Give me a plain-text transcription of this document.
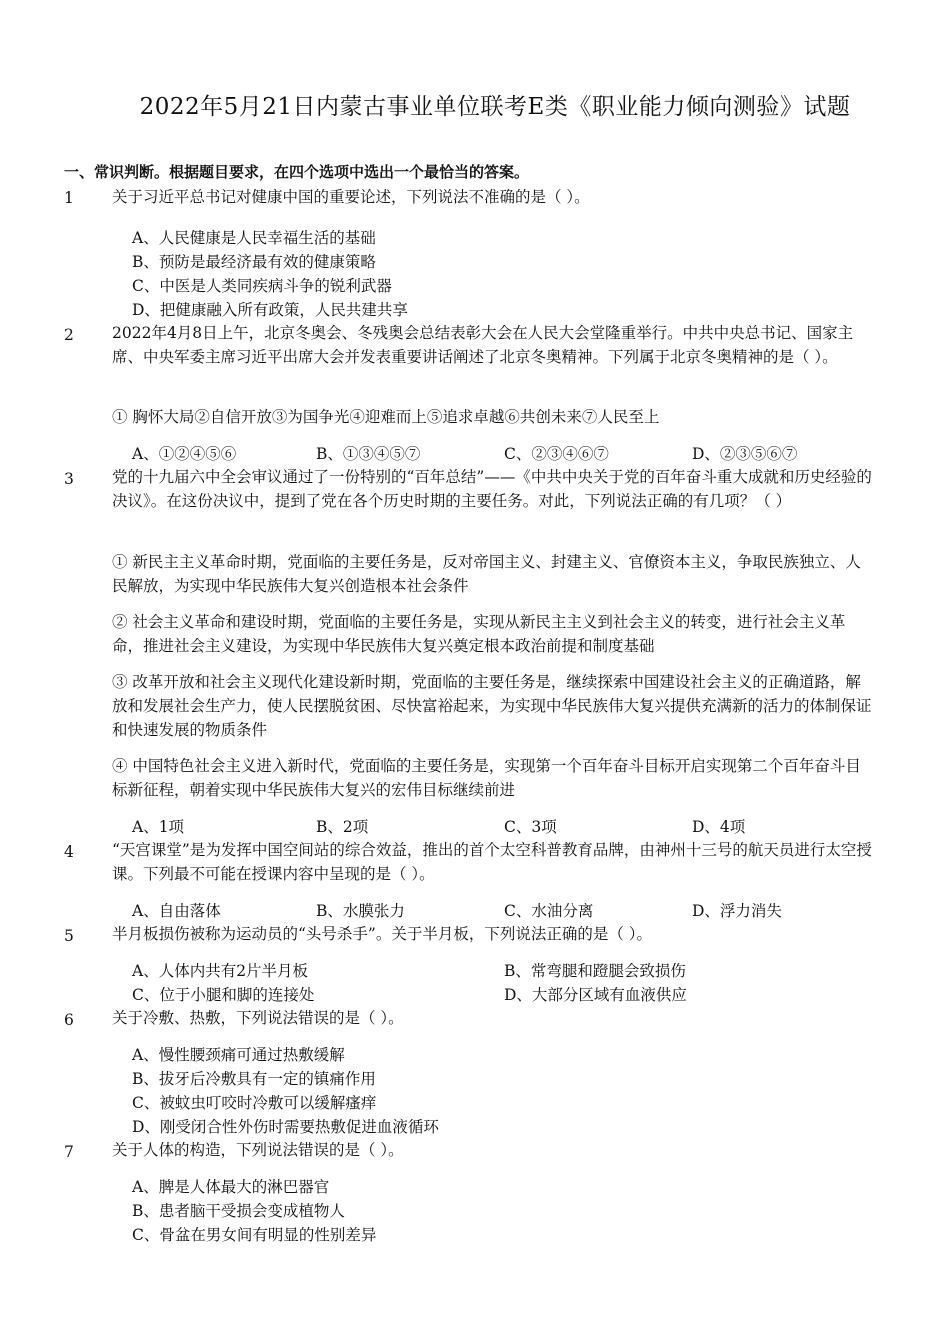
2022年5月21日内蒙古事业单位联考E类《职业能力倾向测验》试题
一、常识判断。根据题目要求，在四个选项中选出一个最恰当的答案。
1 关于习近平总书记对健康中国的重要论述，下列说法不准确的是（ ）。
A、人民健康是人民幸福生活的基础
B、预防是最经济最有效的健康策略
C、中医是人类同疾病斗争的锐利武器
D、把健康融入所有政策，人民共建共享
2 2022年4月8日上午，北京冬奥会、冬残奥会总结表彰大会在人民大会堂隆重举行。中共中央总书记、国家主席、中央军委主席习近平出席大会并发表重要讲话阐述了北京冬奥精神。下列属于北京冬奥精神的是（ ）。
① 胸怀大局②自信开放③为国争光④迎难而上⑤追求卓越⑥共创未来⑦人民至上
A、①②④⑤⑥	B、①③④⑤⑦	C、②③④⑥⑦	D、②③⑤⑥⑦
3 党的十九届六中全会审议通过了一份特别的“百年总结”——《中共中央关于党的百年奋斗重大成就和历史经验的决议》。在这份决议中，提到了党在各个历史时期的主要任务。对此，下列说法正确的有几项？（ ）
① 新民主主义革命时期，党面临的主要任务是，反对帝国主义、封建主义、官僚资本主义，争取民族独立、人民解放，为实现中华民族伟大复兴创造根本社会条件
② 社会主义革命和建设时期，党面临的主要任务是，实现从新民主主义到社会主义的转变，进行社会主义革命，推进社会主义建设，为实现中华民族伟大复兴奠定根本政治前提和制度基础
③ 改革开放和社会主义现代化建设新时期，党面临的主要任务是，继续探索中国建设社会主义的正确道路，解放和发展社会生产力，使人民摆脱贫困、尽快富裕起来，为实现中华民族伟大复兴提供充满新的活力的体制保证和快速发展的物质条件
④ 中国特色社会主义进入新时代，党面临的主要任务是，实现第一个百年奋斗目标开启实现第二个百年奋斗目标新征程，朝着实现中华民族伟大复兴的宏伟目标继续前进
A、1项	B、2项	C、3项	D、4项
4 “天宫课堂”是为发挥中国空间站的综合效益，推出的首个太空科普教育品牌，由神州十三号的航天员进行太空授课。下列最不可能在授课内容中呈现的是（ ）。
A、自由落体	B、水膜张力	C、水油分离	D、浮力消失
5 半月板损伤被称为运动员的“头号杀手”。关于半月板，下列说法正确的是（ ）。
A、人体内共有2片半月板	B、常弯腿和蹬腿会致损伤
C、位于小腿和脚的连接处	D、大部分区域有血液供应
6 关于冷敷、热敷，下列说法错误的是（ ）。
A、慢性腰颈痛可通过热敷缓解
B、拔牙后冷敷具有一定的镇痛作用
C、被蚊虫叮咬时冷敷可以缓解瘙痒
D、刚受闭合性外伤时需要热敷促进血液循环
7 关于人体的构造，下列说法错误的是（ ）。
A、脾是人体最大的淋巴器官
B、患者脑干受损会变成植物人
C、骨盆在男女间有明显的性别差异
